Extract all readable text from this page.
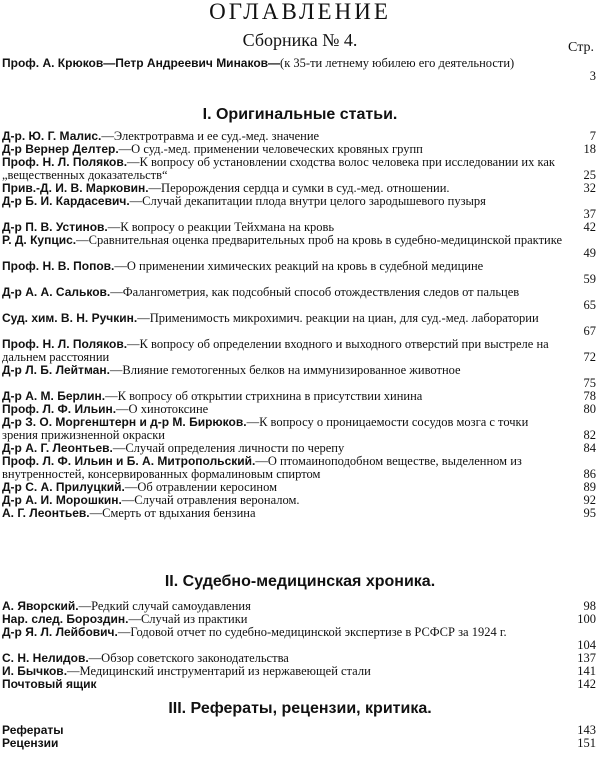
ОГЛАВЛЕНИЕ
Сборника № 4.	Стр.
Проф. А. Крюков—Петр Андреевич Минаков—(к 35-ти летнему юбилею его деятельности)
3
I. Оригинальные статьи.
Д-р. Ю. Г. Малис.—Электротравма и ее суд.-мед. значение	7
Д-р Вернер Делтер.—О суд.-мед. применении человеческих кровяных групп	18
Проф. Н. Л. Поляков.—К вопросу об установлении сходства волос человека при исследовании их как „вещественных доказательств“	25
Прив.-Д. И. В. Марковин.—Перорождения сердца и сумки в суд.-мед. отношении.	32
Д-р Б. И. Кардасевич.—Случай декапитации плода внутри целого зародышевого пузыря
37
Д-р П. В. Устинов.—К вопросу о реакции Тейхмана на кровь	42
Р. Д. Купцис.—Сравнительная оценка предварительных проб на кровь в судебно-медицинской практике
49
Проф. Н. В. Попов.—О применении химических реакций на кровь в судебной медицине
59
Д-р А. А. Сальков.—Фалангометрия, как подсобный способ отождествления следов от пальцев
65
Суд. хим. В. Н. Ручкин.—Применимость микрохимич. реакции на циан, для суд.-мед. лаборатории
67
Проф. Н. Л. Поляков.—К вопросу об определении входного и выходного отверстий при выстреле на дальнем расстоянии	72
Д-р Л. Б. Лейтман.—Влияние гемотогенных белков на иммунизированное животное
75
Д-р А. М. Берлин.—К вопросу об открытии стрихнина в присутствии хинина	78
Проф. Л. Ф. Ильин.—О хинотоксине	80
Д-р З. О. Моргенштерн и д-р М. Бирюков.—К вопросу о проницаемости сосудов мозга с точки зрения прижизненной окраски	82
Д-р А. Г. Леонтьев.—Случай определения личности по черепу	84
Проф. Л. Ф. Ильин и Б. А. Митропольский.—О птомаиноподобном веществе, выделенном из внутренностей, консервированных формалиновым спиртом	86
Д-р С. А. Прилуцкий.—Об отравлении керосином	89
Д-р А. И. Морошкин.—Случай отравления вероналом.	92
А. Г. Леонтьев.—Смерть от вдыхания бензина	95
II. Судебно-медицинская хроника.
А. Яворский.—Редкий случай самоудавления	98
Нар. след. Бороздин.—Случай из практики	100
Д-р Я. Л. Лейбович.—Годовой отчет по судебно-медицинской экспертизе в РСФСР за 1924 г.
104
С. Н. Нелидов.—Обзор советского законодательства	137
И. Бычков.—Медицинский инструментарий из нержавеющей стали	141
Почтовый ящик	142
III. Рефераты, рецензии, критика.
Рефераты	143
Рецензии	151
